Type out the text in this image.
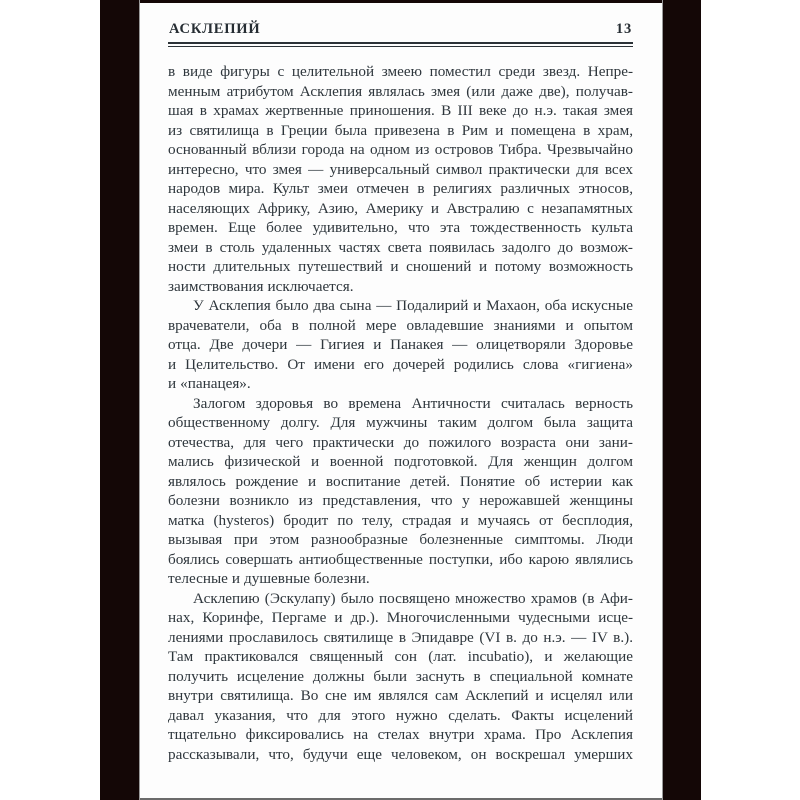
АСКЛЕПИЙ	13
в виде фигуры с целительной змеею поместил среди звезд. Непре-
менным атрибутом Асклепия являлась змея (или даже две), получав-
шая в храмах жертвенные приношения. В III веке до н.э. такая змея
из святилища в Греции была привезена в Рим и помещена в храм,
основанный вблизи города на одном из островов Тибра. Чрезвычайно
интересно, что змея — универсальный символ практически для всех
народов мира. Культ змеи отмечен в религиях различных этносов,
населяющих Африку, Азию, Америку и Австралию с незапамятных
времен. Еще более удивительно, что эта тождественность культа
змеи в столь удаленных частях света появилась задолго до возмож-
ности длительных путешествий и сношений и потому возможность
заимствования исключается.
У Асклепия было два сына — Подалирий и Махаон, оба искусные
врачеватели, оба в полной мере овладевшие знаниями и опытом
отца. Две дочери — Гигиея и Панакея — олицетворяли Здоровье
и Целительство. От имени его дочерей родились слова «гигиена»
и «панацея».
Залогом здоровья во времена Античности считалась верность
общественному долгу. Для мужчины таким долгом была защита
отечества, для чего практически до пожилого возраста они зани-
мались физической и военной подготовкой. Для женщин долгом
являлось рождение и воспитание детей. Понятие об истерии как
болезни возникло из представления, что у нерожавшей женщины
матка (hysteros) бродит по телу, страдая и мучаясь от бесплодия,
вызывая при этом разнообразные болезненные симптомы. Люди
боялись совершать антиобщественные поступки, ибо карою являлись
телесные и душевные болезни.
Асклепию (Эскулапу) было посвящено множество храмов (в Афи-
нах, Коринфе, Пергаме и др.). Многочисленными чудесными исце-
лениями прославилось святилище в Эпидавре (VI в. до н.э. — IV в.).
Там практиковался священный сон (лат. incubatio), и желающие
получить исцеление должны были заснуть в специальной комнате
внутри святилища. Во сне им являлся сам Асклепий и исцелял или
давал указания, что для этого нужно сделать. Факты исцелений
тщательно фиксировались на стелах внутри храма. Про Асклепия
рассказывали, что, будучи еще человеком, он воскрешал умерших
